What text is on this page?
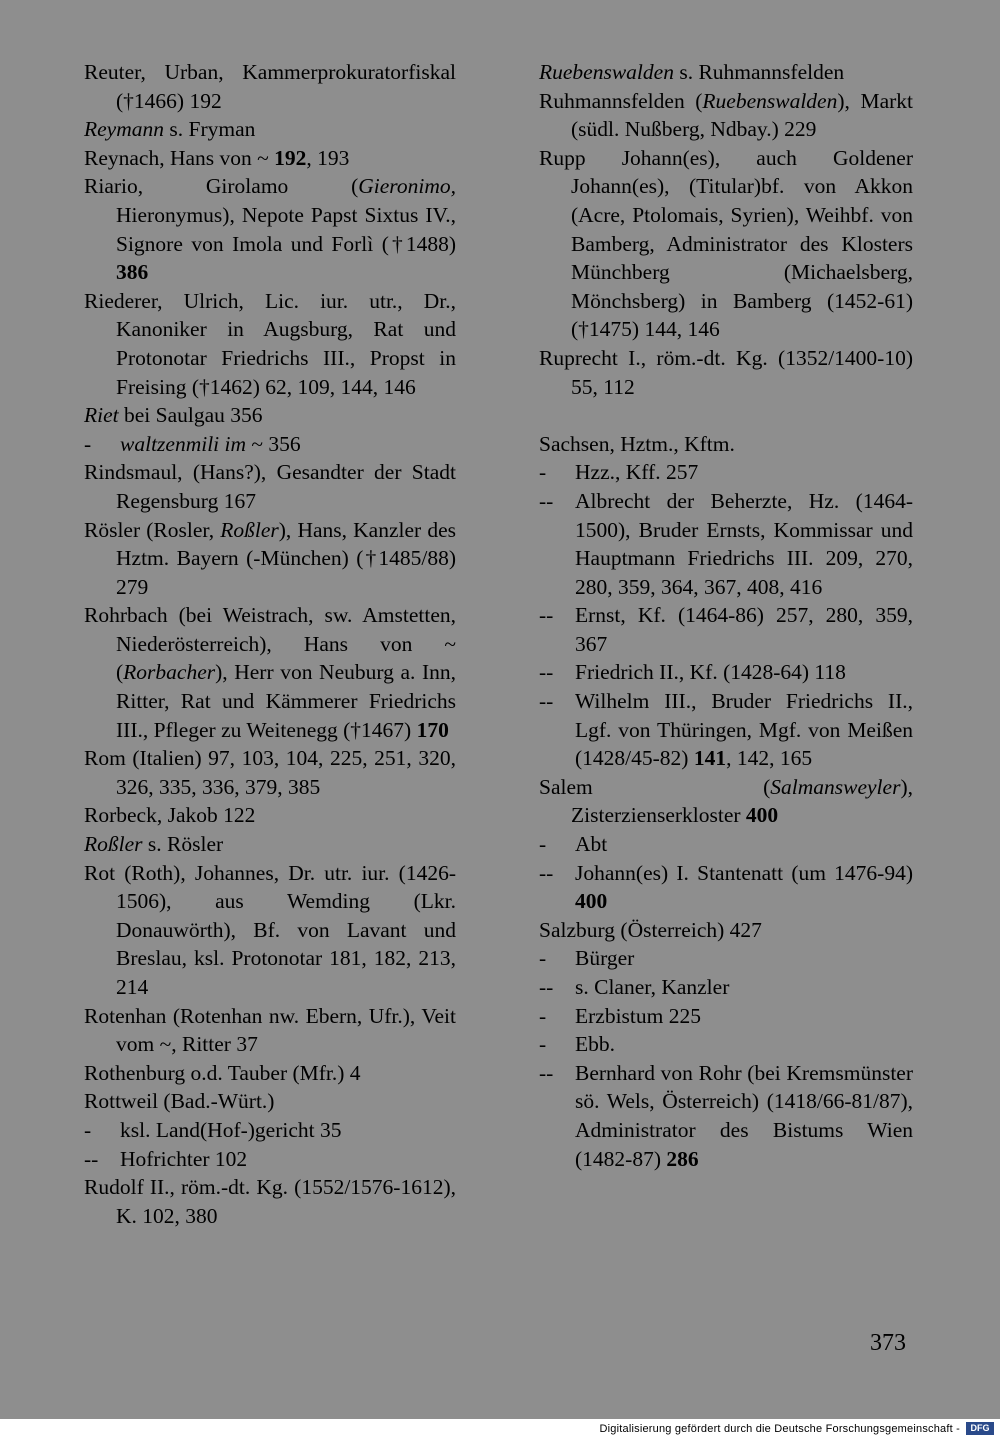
Reuter, Urban, Kammerprokuratorfiskal (†1466) 192

Reymann s. Fryman

Reynach, Hans von ~ 192, 193

Riario, Girolamo (Gieronimo, Hieronymus), Nepote Papst Sixtus IV., Signore von Imola und Forlì (†1488) 386

Riederer, Ulrich, Lic. iur. utr., Dr., Kanoniker in Augsburg, Rat und Protonotar Friedrichs III., Propst in Freising (†1462) 62, 109, 144, 146

Riet bei Saulgau 356

-	waltzenmili im ~ 356

Rindsmaul, (Hans?), Gesandter der Stadt Regensburg 167

Rösler (Rosler, Roßler), Hans, Kanzler des Hztm. Bayern (-München) (†1485/88) 279

Rohrbach (bei Weistrach, sw. Amstetten, Niederösterreich), Hans von ~ (Rorbacher), Herr von Neuburg a. Inn, Ritter, Rat und Kämmerer Friedrichs III., Pfleger zu Weitenegg (†1467) 170

Rom (Italien) 97, 103, 104, 225, 251, 320, 326, 335, 336, 379, 385

Rorbeck, Jakob 122

Roßler s. Rösler

Rot (Roth), Johannes, Dr. utr. iur. (1426-1506), aus Wemding (Lkr. Donauwörth), Bf. von Lavant und Breslau, ksl. Protonotar 181, 182, 213, 214

Rotenhan (Rotenhan nw. Ebern, Ufr.), Veit vom ~, Ritter 37

Rothenburg o.d. Tauber (Mfr.) 4

Rottweil (Bad.-Würt.)

-	ksl. Land(Hof-)gericht 35

--	Hofrichter 102

Rudolf II., röm.-dt. Kg. (1552/1576-1612), K. 102, 380

Ruebenswalden s. Ruhmannsfelden

Ruhmannsfelden (Ruebenswalden), Markt (südl. Nußberg, Ndbay.) 229

Rupp Johann(es), auch Goldener Johann(es), (Titular)bf. von Akkon (Acre, Ptolomais, Syrien), Weihbf. von Bamberg, Administrator des Klosters Münchberg (Michaelsberg, Mönchsberg) in Bamberg (1452-61) (†1475) 144, 146

Ruprecht I., röm.-dt. Kg. (1352/1400-10) 55, 112

Sachsen, Hztm., Kftm.

-	Hzz., Kff. 257

--	Albrecht der Beherzte, Hz. (1464-1500), Bruder Ernsts, Kommissar und Hauptmann Friedrichs III. 209, 270, 280, 359, 364, 367, 408, 416

--	Ernst, Kf. (1464-86) 257, 280, 359, 367

--	Friedrich II., Kf. (1428-64) 118

--	Wilhelm III., Bruder Friedrichs II., Lgf. von Thüringen, Mgf. von Meißen (1428/45-82) 141, 142, 165

Salem (Salmansweyler), Zisterzienserkloster 400

-	Abt

--	Johann(es) I. Stantenatt (um 1476-94) 400

Salzburg (Österreich) 427

-	Bürger

--	s. Claner, Kanzler

-	Erzbistum 225

-	Ebb.

--	Bernhard von Rohr (bei Kremsmünster sö. Wels, Österreich) (1418/66-81/87), Administrator des Bistums Wien (1482-87) 286

373
Digitalisierung gefördert durch die Deutsche Forschungsgemeinschaft -	DFG
